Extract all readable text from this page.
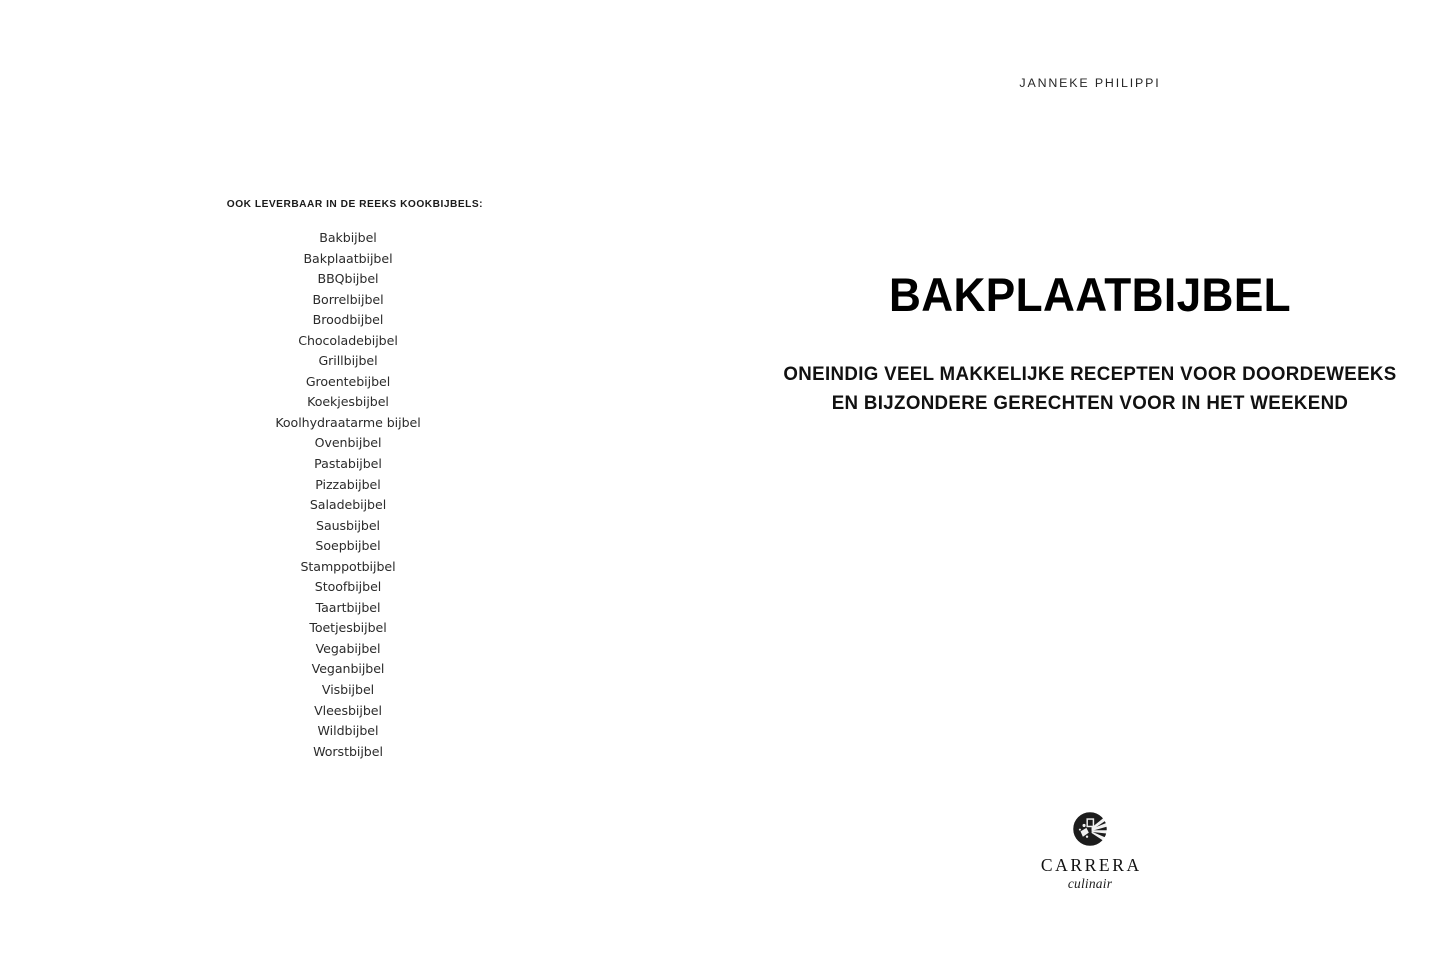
OOK LEVERBAAR IN DE REEKS KOOKBIJBELS:
Bakbijbel
Bakplaatbijbel
BBQbijbel
Borrelbijbel
Broodbijbel
Chocoladebijbel
Grillbijbel
Groentebijbel
Koekjesbijbel
Koolhydraatarme bijbel
Ovenbijbel
Pastabijbel
Pizzabijbel
Saladebijbel
Sausbijbel
Soepbijbel
Stamppotbijbel
Stoofbijbel
Taartbijbel
Toetjesbijbel
Vegabijbel
Veganbijbel
Visbijbel
Vleesbijbel
Wildbijbel
Worstbijbel
JANNEKE PHILIPPI
BAKPLAATBIJBEL

ONEINDIG VEEL MAKKELIJKE RECEPTEN VOOR DOORDEWEEKS
EN BIJZONDERE GERECHTEN VOOR IN HET WEEKEND

CARRERA
culinair
